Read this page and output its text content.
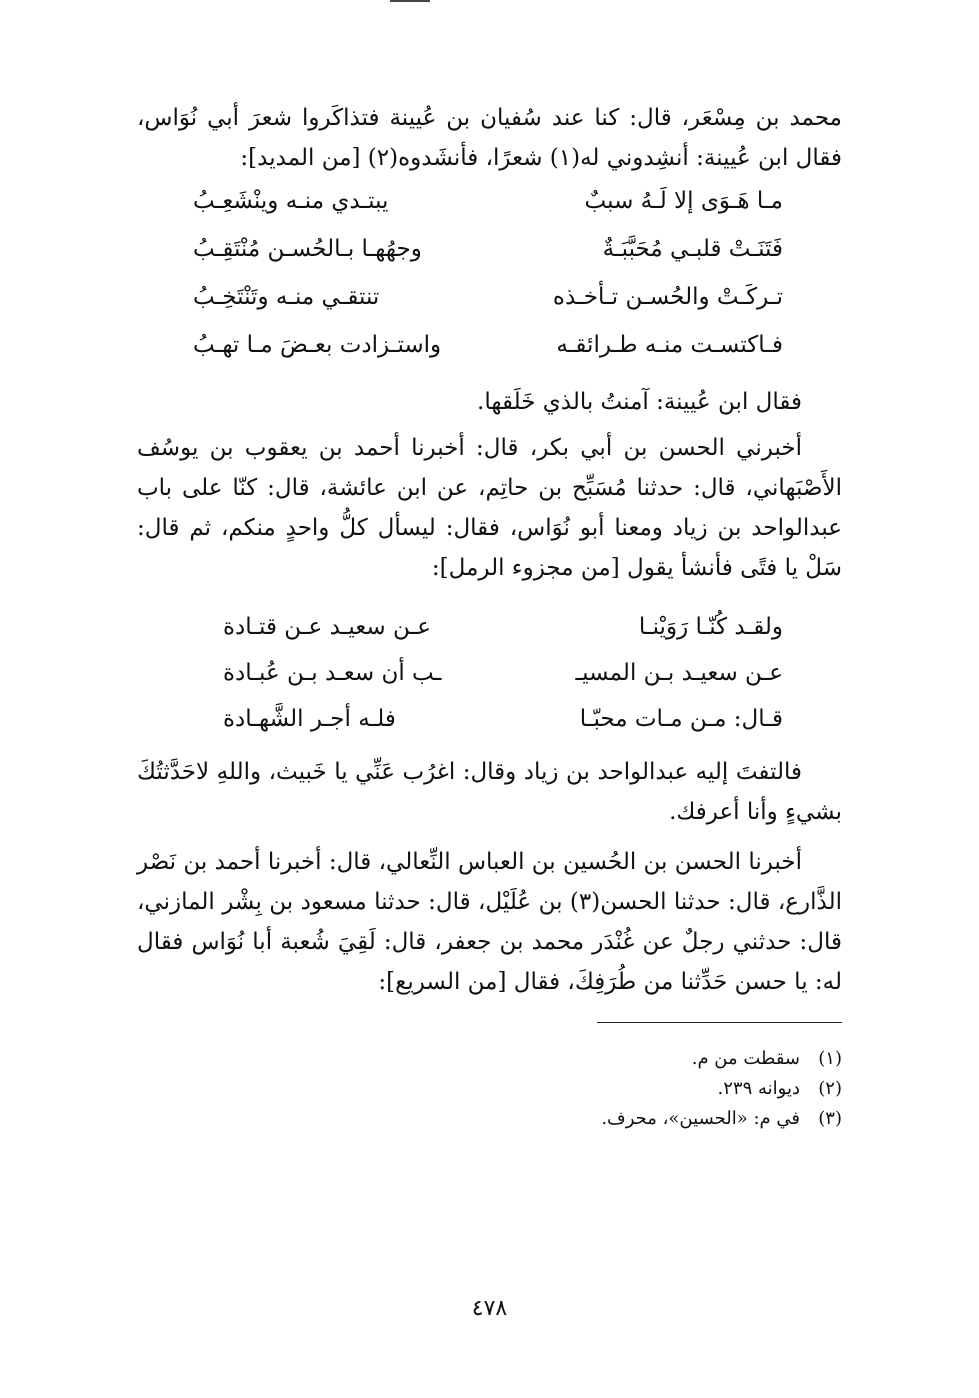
محمد بن مِسْعَر، قال: كنا عند سُفيان بن عُيينة فتذاكَروا شعرَ أبي نُوَاس، فقال ابن عُيينة: أنشِدوني له(١) شعرًا، فأنشَدوه(٢) [من المديد]:

مـا هَـوَى إلا لَـهُ سببٌ
يبتـدي منـه وينْشَعِـبُ
فَتَنَـتْ قلبـي مُحَبَّبَـةٌ
وجهُهـا بـالحُسـن مُنْتَقِـبُ
تـركَـتْ والحُسـن تـأخـذه
تنتقـي منـه وتَنْتَخِـبُ
فـاكتسـت منـه طـرائقـه
واستـزادت بعـضَ مـا تهـبُ

فقال ابن عُيينة: آمنتُ بالذي خَلَقها.

أخبرني الحسن بن أبي بكر، قال: أخبرنا أحمد بن يعقوب بن يوسُف الأَصْبَهاني، قال: حدثنا مُسَبِّح بن حاتِم، عن ابن عائشة، قال: كنّا على باب عبدالواحد بن زياد ومعنا أبو نُوَاس، فقال: ليسأل كلُّ واحدٍ منكم، ثم قال: سَلْ يا فتًى فأنشأ يقول [من مجزوء الرمل]:

ولقـد كُنّـا رَوَيْنـا
عـن سعيـد عـن قتـادة
عـن سعيـد بـن المسيـ
ـب أن سعـد بـن عُبـادة
قـال: مـن مـات محبّـا
فلـه أجـر الشَّهـادة

فالتفتَ إليه عبدالواحد بن زياد وقال: اغرُب عَنِّي يا خَبيث، واللهِ لاحَدَّثتُكَ بشيءٍ وأنا أعرفك.

أخبرنا الحسن بن الحُسين بن العباس النِّعالي، قال: أخبرنا أحمد بن نَصْر الذَّارع، قال: حدثنا الحسن(٣) بن عُلَيْل، قال: حدثنا مسعود بن بِشْر المازني، قال: حدثني رجلٌ عن غُنْدَر محمد بن جعفر، قال: لَقِيَ شُعبة أبا نُوَاس فقال له: يا حسن حَدِّثنا من طُرَفِكَ، فقال [من السريع]:

(١)سقطت من م.
(٢)ديوانه ٢٣٩.
(٣)في م: «الحسين»، محرف.
٤٧٨
